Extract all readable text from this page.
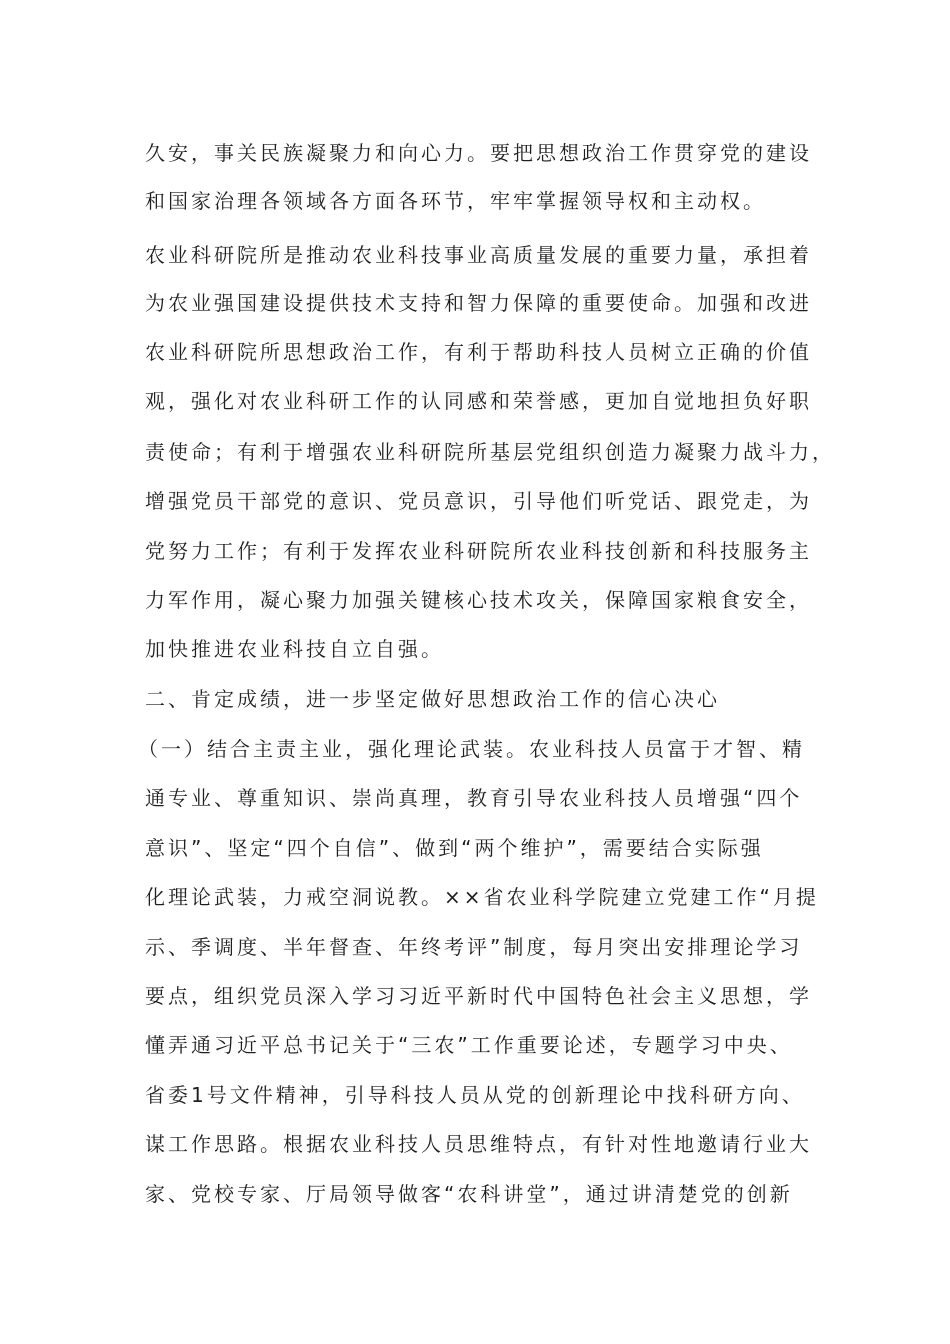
久安，事关民族凝聚力和向心力。要把思想政治工作贯穿党的建设
和国家治理各领域各方面各环节，牢牢掌握领导权和主动权。
农业科研院所是推动农业科技事业高质量发展的重要力量，承担着
为农业强国建设提供技术支持和智力保障的重要使命。加强和改进
农业科研院所思想政治工作，有利于帮助科技人员树立正确的价值
观，强化对农业科研工作的认同感和荣誉感，更加自觉地担负好职
责使命；有利于增强农业科研院所基层党组织创造力凝聚力战斗力，
增强党员干部党的意识、党员意识，引导他们听党话、跟党走，为
党努力工作；有利于发挥农业科研院所农业科技创新和科技服务主
力军作用，凝心聚力加强关键核心技术攻关，保障国家粮食安全，
加快推进农业科技自立自强。
二、肯定成绩，进一步坚定做好思想政治工作的信心决心
（一）结合主责主业，强化理论武装。农业科技人员富于才智、精
通专业、尊重知识、崇尚真理，教育引导农业科技人员增强“四个
意识”、坚定“四个自信”、做到“两个维护”，需要结合实际强
化理论武装，力戒空洞说教。××省农业科学院建立党建工作“月提
示、季调度、半年督查、年终考评”制度，每月突出安排理论学习
要点，组织党员深入学习习近平新时代中国特色社会主义思想，学
懂弄通习近平总书记关于“三农”工作重要论述，专题学习中央、
省委1号文件精神，引导科技人员从党的创新理论中找科研方向、
谋工作思路。根据农业科技人员思维特点，有针对性地邀请行业大
家、党校专家、厅局领导做客“农科讲堂”，通过讲清楚党的创新
